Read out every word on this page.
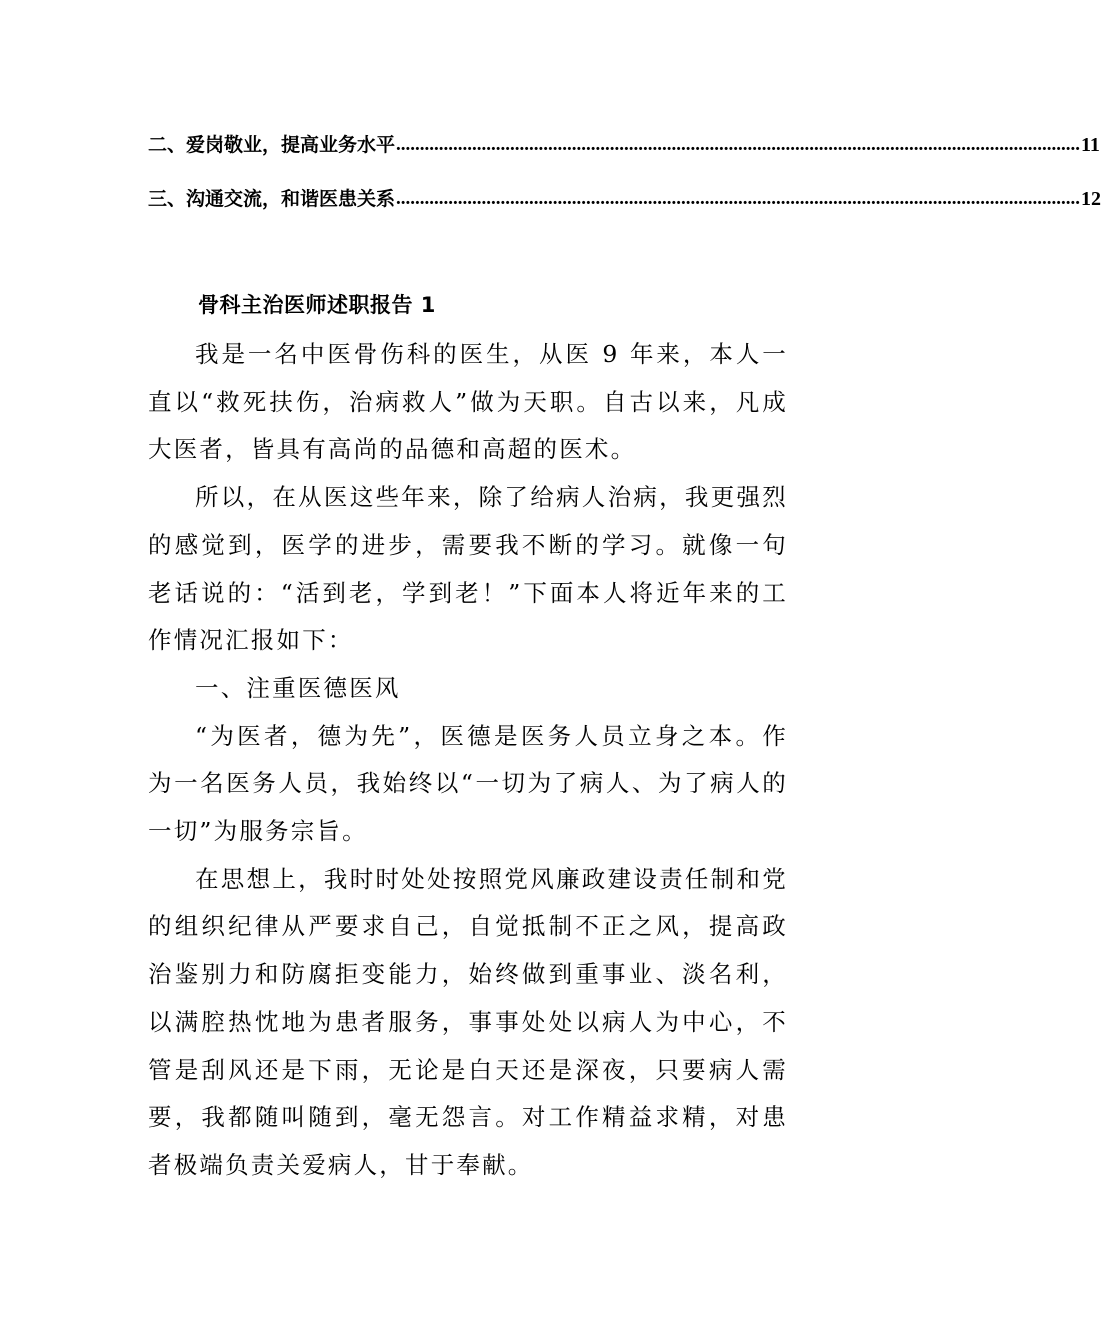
二、爱岗敬业，提高业务水平 ................................................................................................................................................ 11
三、沟通交流，和谐医患关系 ................................................................................................................................................ 12
骨科主治医师述职报告 1

我是一名中医骨伤科的医生，从医 9 年来，本人一直以“救死扶伤，治病救人”做为天职。自古以来，凡成大医者，皆具有高尚的品德和高超的医术。

所以，在从医这些年来，除了给病人治病，我更强烈的感觉到，医学的进步，需要我不断的学习。就像一句老话说的：“活到老，学到老！”下面本人将近年来的工作情况汇报如下：

一、注重医德医风

“为医者，德为先”，医德是医务人员立身之本。作为一名医务人员，我始终以“一切为了病人、为了病人的一切”为服务宗旨。

在思想上，我时时处处按照党风廉政建设责任制和党的组织纪律从严要求自己，自觉抵制不正之风，提高政治鉴别力和防腐拒变能力，始终做到重事业、淡名利，以满腔热忱地为患者服务，事事处处以病人为中心，不管是刮风还是下雨，无论是白天还是深夜，只要病人需要，我都随叫随到，毫无怨言。对工作精益求精，对患者极端负责关爱病人，甘于奉献。
